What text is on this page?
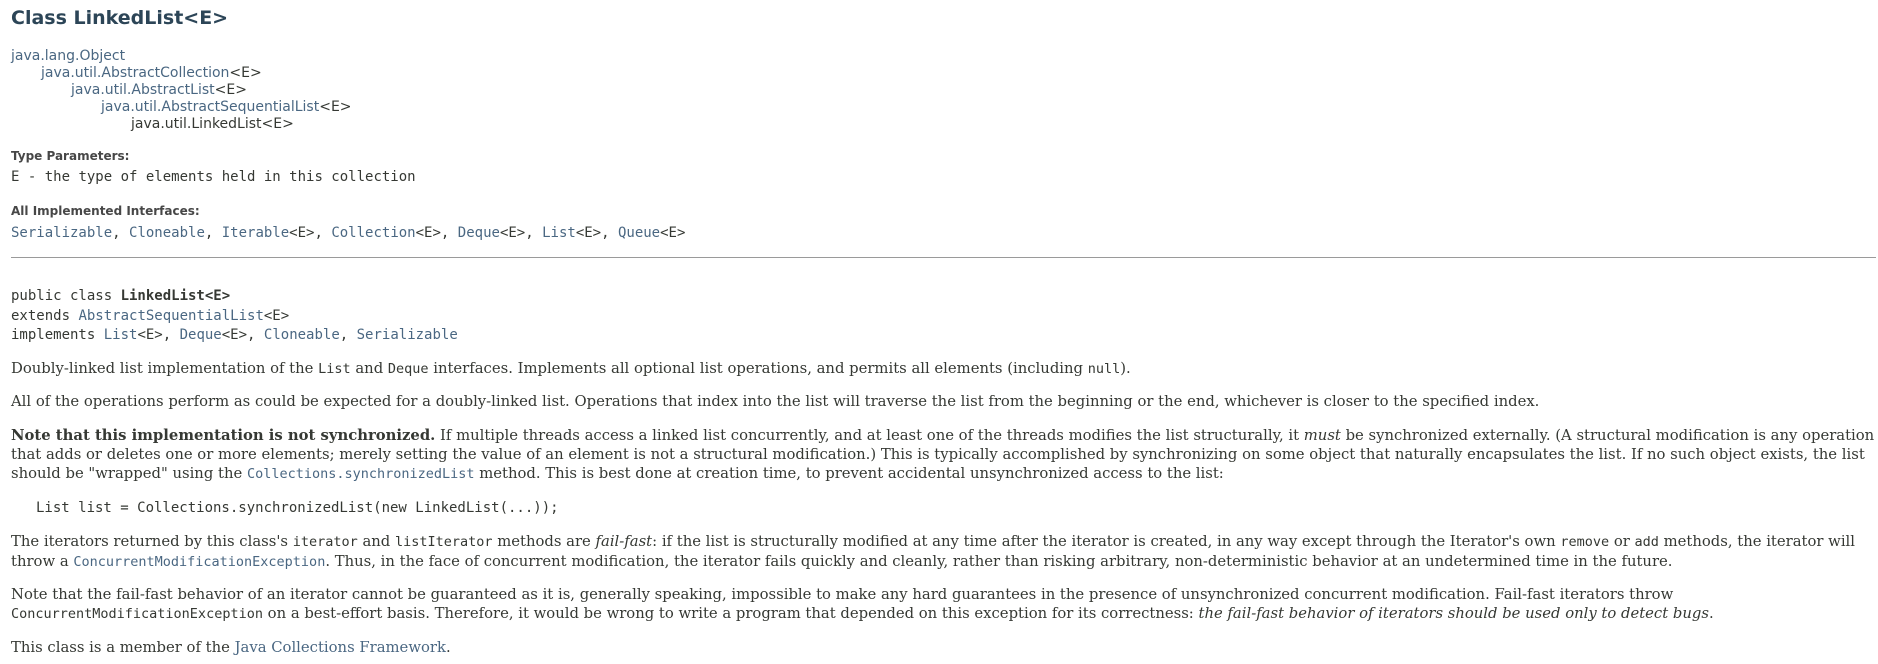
Class LinkedList<E>
java.lang.Object
java.util.AbstractCollection<E>
java.util.AbstractList<E>
java.util.AbstractSequentialList<E>
java.util.LinkedList<E>
Type Parameters:
E - the type of elements held in this collection
All Implemented Interfaces:
Serializable, Cloneable, Iterable<E>, Collection<E>, Deque<E>, List<E>, Queue<E>
public class LinkedList<E>
extends AbstractSequentialList<E>
implements List<E>, Deque<E>, Cloneable, Serializable

Doubly-linked list implementation of the List and Deque interfaces. Implements all optional list operations, and permits all elements (including null).

All of the operations perform as could be expected for a doubly-linked list. Operations that index into the list will traverse the list from the beginning or the end, whichever is closer to the specified index.

Note that this implementation is not synchronized. If multiple threads access a linked list concurrently, and at least one of the threads modifies the list structurally, it must be synchronized externally. (A structural modification is any operation that adds or deletes one or more elements; merely setting the value of an element is not a structural modification.) This is typically accomplished by synchronizing on some object that naturally encapsulates the list. If no such object exists, the list should be "wrapped" using the Collections.synchronizedList method. This is best done at creation time, to prevent accidental unsynchronized access to the list:

List list = Collections.synchronizedList(new LinkedList(...));

The iterators returned by this class's iterator and listIterator methods are fail-fast: if the list is structurally modified at any time after the iterator is created, in any way except through the Iterator's own remove or add methods, the iterator will throw a ConcurrentModificationException. Thus, in the face of concurrent modification, the iterator fails quickly and cleanly, rather than risking arbitrary, non-deterministic behavior at an undetermined time in the future.

Note that the fail-fast behavior of an iterator cannot be guaranteed as it is, generally speaking, impossible to make any hard guarantees in the presence of unsynchronized concurrent modification. Fail-fast iterators throw ConcurrentModificationException on a best-effort basis. Therefore, it would be wrong to write a program that depended on this exception for its correctness: the fail-fast behavior of iterators should be used only to detect bugs.

This class is a member of the Java Collections Framework.
